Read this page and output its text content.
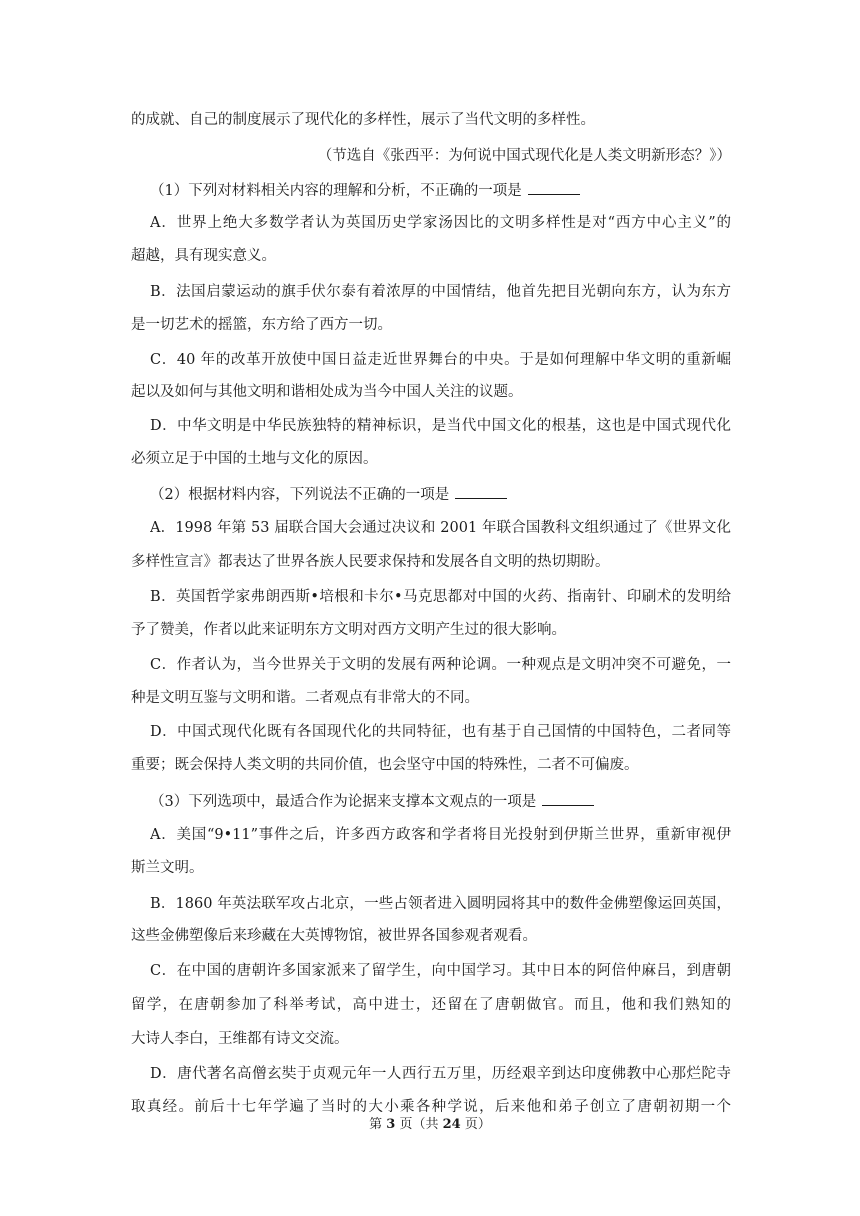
的成就、自己的制度展示了现代化的多样性，展示了当代文明的多样性。
（节选自《张西平：为何说中国式现代化是人类文明新形态？》）
（1）下列对材料相关内容的理解和分析，不正确的一项是
A．世界上绝大多数学者认为英国历史学家汤因比的文明多样性是对“西方中心主义”的
超越，具有现实意义。
B．法国启蒙运动的旗手伏尔泰有着浓厚的中国情结，他首先把目光朝向东方，认为东方
是一切艺术的摇篮，东方给了西方一切。
C．40 年的改革开放使中国日益走近世界舞台的中央。于是如何理解中华文明的重新崛
起以及如何与其他文明和谐相处成为当今中国人关注的议题。
D．中华文明是中华民族独特的精神标识，是当代中国文化的根基，这也是中国式现代化
必须立足于中国的土地与文化的原因。
（2）根据材料内容，下列说法不正确的一项是
A．1998 年第 53 届联合国大会通过决议和 2001 年联合国教科文组织通过了《世界文化
多样性宣言》都表达了世界各族人民要求保持和发展各自文明的热切期盼。
B．英国哲学家弗朗西斯•培根和卡尔•马克思都对中国的火药、指南针、印刷术的发明给
予了赞美，作者以此来证明东方文明对西方文明产生过的很大影响。
C．作者认为，当今世界关于文明的发展有两种论调。一种观点是文明冲突不可避免，一
种是文明互鉴与文明和谐。二者观点有非常大的不同。
D．中国式现代化既有各国现代化的共同特征，也有基于自己国情的中国特色，二者同等
重要；既会保持人类文明的共同价值，也会坚守中国的特殊性，二者不可偏废。
（3）下列选项中，最适合作为论据来支撑本文观点的一项是
A．美国“9•11”事件之后，许多西方政客和学者将目光投射到伊斯兰世界，重新审视伊
斯兰文明。
B．1860 年英法联军攻占北京，一些占领者进入圆明园将其中的数件金佛塑像运回英国，
这些金佛塑像后来珍藏在大英博物馆，被世界各国参观者观看。
C．在中国的唐朝许多国家派来了留学生，向中国学习。其中日本的阿倍仲麻吕，到唐朝
留学，在唐朝参加了科举考试，高中进士，还留在了唐朝做官。而且，他和我们熟知的
大诗人李白，王维都有诗文交流。
D．唐代著名高僧玄奘于贞观元年一人西行五万里，历经艰辛到达印度佛教中心那烂陀寺
取真经。前后十七年学遍了当时的大小乘各种学说，后来他和弟子创立了唐朝初期一个
第 3 页（共 24 页）
